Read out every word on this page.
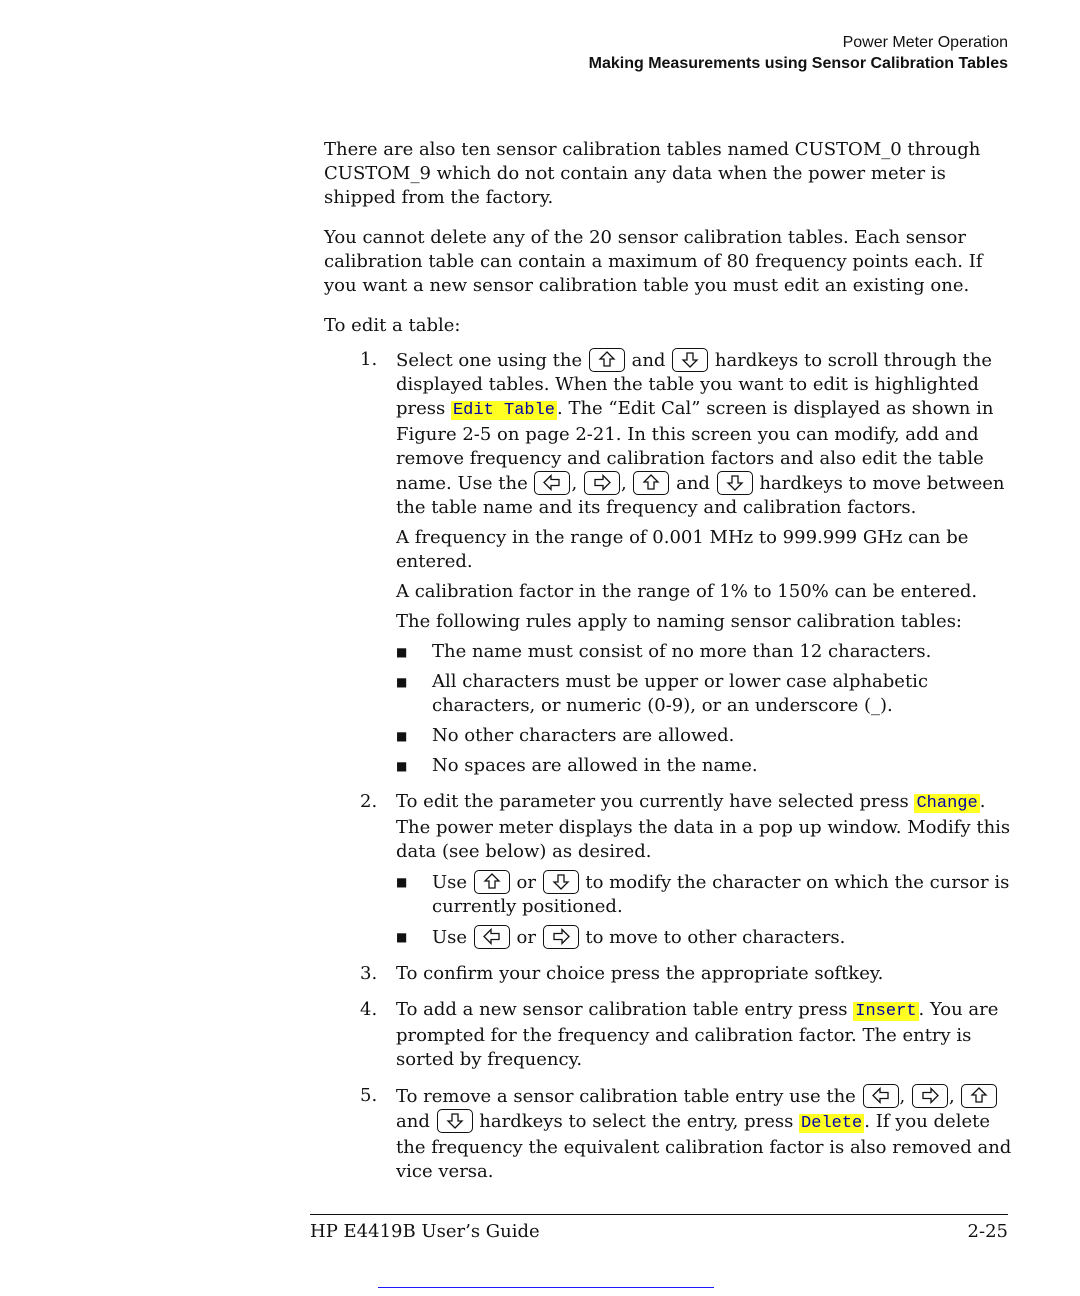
Power Meter Operation
Making Measurements using Sensor Calibration Tables

There are also ten sensor calibration tables named CUSTOM_0 through CUSTOM_9 which do not contain any data when the power meter is shipped from the factory.

You cannot delete any of the 20 sensor calibration tables. Each sensor calibration table can contain a maximum of 80 frequency points each. If you want a new sensor calibration table you must edit an existing one.

To edit a table:

1.	Select one using the
and
hardkeys to scroll through the displayed tables. When the table you want to edit is highlighted press Edit Table . The “Edit Cal” screen is displayed as shown in Figure 2-5 on page 2-21. In this screen you can modify, add and remove frequency and calibration factors and also edit the table name. Use the
,
,
and
hardkeys to move between the table name and its frequency and calibration factors.

A frequency in the range of 0.001 MHz to 999.999 GHz can be entered.

A calibration factor in the range of 1% to 150% can be entered.

The following rules apply to naming sensor calibration tables:

■	The name must consist of no more than 12 characters.
■	All characters must be upper or lower case alphabetic characters, or numeric (0-9), or an underscore (_).
■	No other characters are allowed.
■	No spaces are allowed in the name.
2.	To edit the parameter you currently have selected press Change . The power meter displays the data in a pop up window. Modify this data (see below) as desired.

■	Use
or
to modify the character on which the cursor is currently positioned.
■	Use
or
to move to other characters.
3.	To confirm your choice press the appropriate softkey.

4.	To add a new sensor calibration table entry press Insert . You are prompted for the frequency and calibration factor. The entry is sorted by frequency.

5.	To remove a sensor calibration table entry use the
,
,
and
hardkeys to select the entry, press Delete . If you delete the frequency the equivalent calibration factor is also removed and vice versa.

HP E4419B User’s Guide	2-25
